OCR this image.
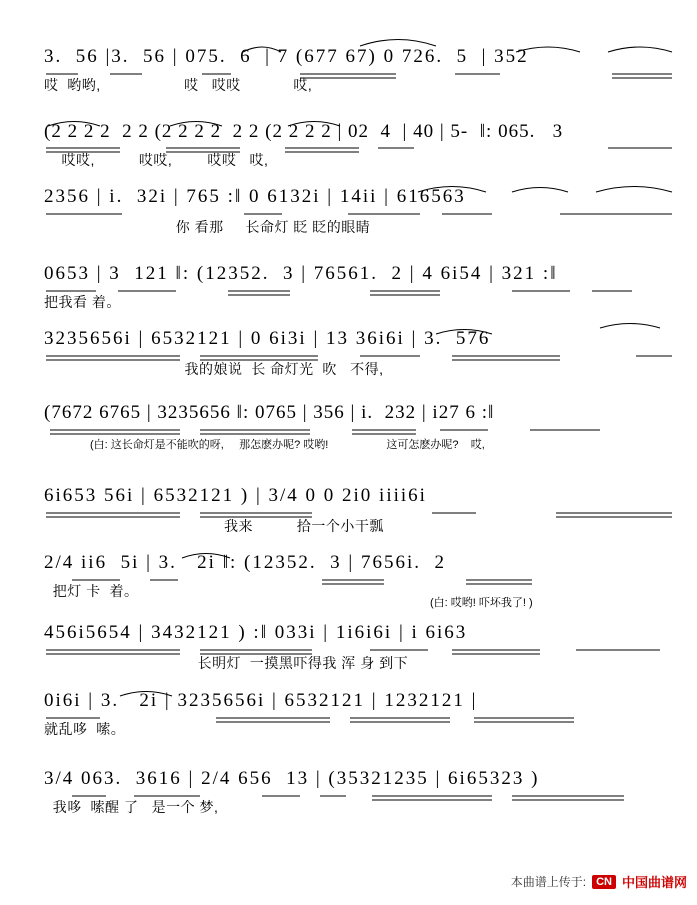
3.  56 |3.  56 | 075.  6  | 7 (677 67) 0 726.  5  | 352
哎  哟哟,                   哎   哎哎            哎,
(2 2 2 2  2 2 (2 2 2 2  2 2 (2 2 2 2 | 02  4  | 40 | 5-  ‖: 065.   3
哎哎,          哎哎,        哎哎   哎,
2356 | i.  32i | 765 :‖ 0 6132i | 14ii | 616563
你 看那     长命灯 眨 眨的眼睛
0653 | 3  121 ‖: (12352.  3 | 76561.  2 | 4 6i54 | 321 :‖
把我看 着。
3235656i | 6532121 | 0 6i3i | 13 36i6i | 3.  576
我的娘说  长 命灯光  吹   不得,
(7672 6765 | 3235656 ‖: 0765 | 356 | i.  232 | i27 6 :‖
(白: 这长命灯是不能吹的呀,     那怎麽办呢? 哎哟!                   这可怎麽办呢?    哎,
6i653 56i | 6532121 ) | 3/4 0 0 2i0 iiii6i
我来          拾一个小干瓢
2/4 ii6  5i | 3.   2i ‖: (12352.  3 | 7656i.  2
把灯 卡  着。
(白: 哎哟! 吓坏我了! )
456i5654 | 3432121 ) :‖ 033i | 1i6i6i | i 6i63
长明灯  一摸黑吓得我 浑 身 到下
0i6i | 3.   2i | 3235656i | 6532121 | 1232121 |
就乱哆  嗦。
3/4 063.  3616 | 2/4 656  13 | (35321235 | 6i65323 )
我哆  嗦醒 了   是一个 梦,
本曲谱上传于: CN 中国曲谱网
